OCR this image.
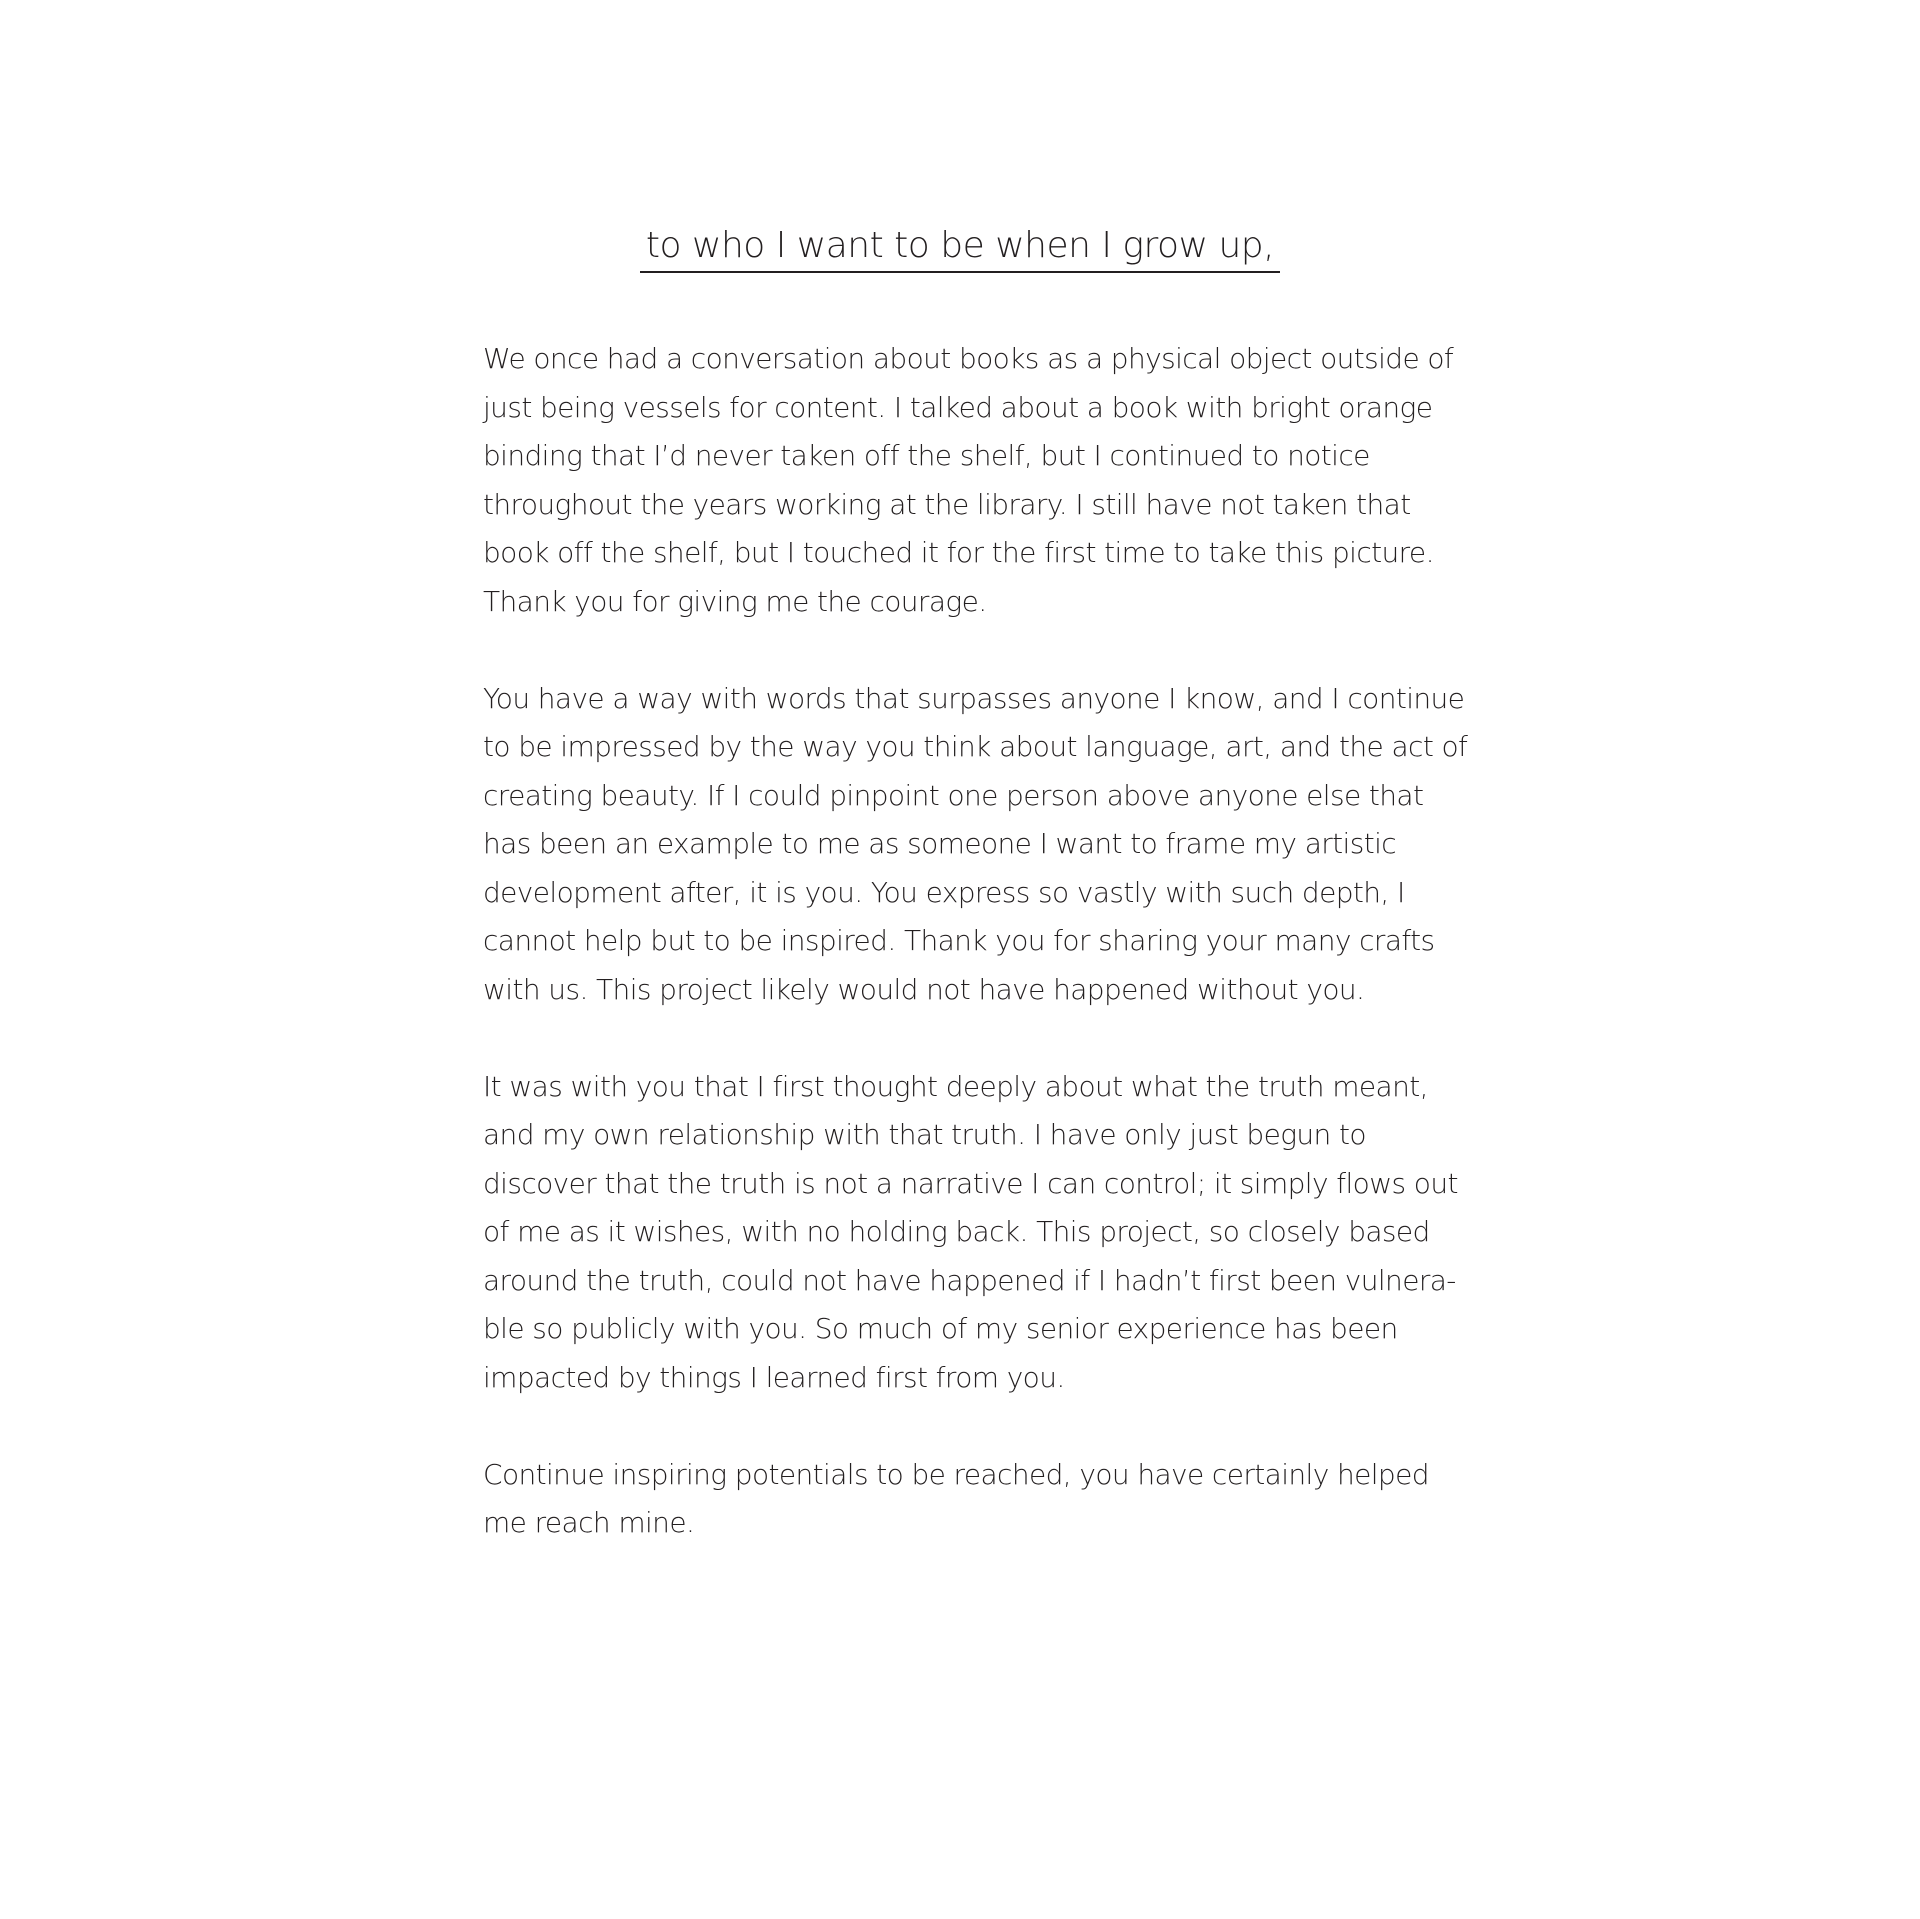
to who I want to be when I grow up,

We once had a conversation about books as a physical object outside of
just being vessels for content. I talked about a book with bright orange
binding that I’d never taken off the shelf, but I continued to notice
throughout the years working at the library. I still have not taken that
book off the shelf, but I touched it for the first time to take this picture.
Thank you for giving me the courage.

You have a way with words that surpasses anyone I know, and I continue
to be impressed by the way you think about language, art, and the act of
creating beauty. If I could pinpoint one person above anyone else that
has been an example to me as someone I want to frame my artistic
development after, it is you. You express so vastly with such depth, I
cannot help but to be inspired. Thank you for sharing your many crafts
with us. This project likely would not have happened without you.

It was with you that I first thought deeply about what the truth meant,
and my own relationship with that truth. I have only just begun to
discover that the truth is not a narrative I can control; it simply flows out
of me as it wishes, with no holding back. This project, so closely based
around the truth, could not have happened if I hadn’t first been vulnera-
ble so publicly with you. So much of my senior experience has been
impacted by things I learned first from you.

Continue inspiring potentials to be reached, you have certainly helped
me reach mine.
